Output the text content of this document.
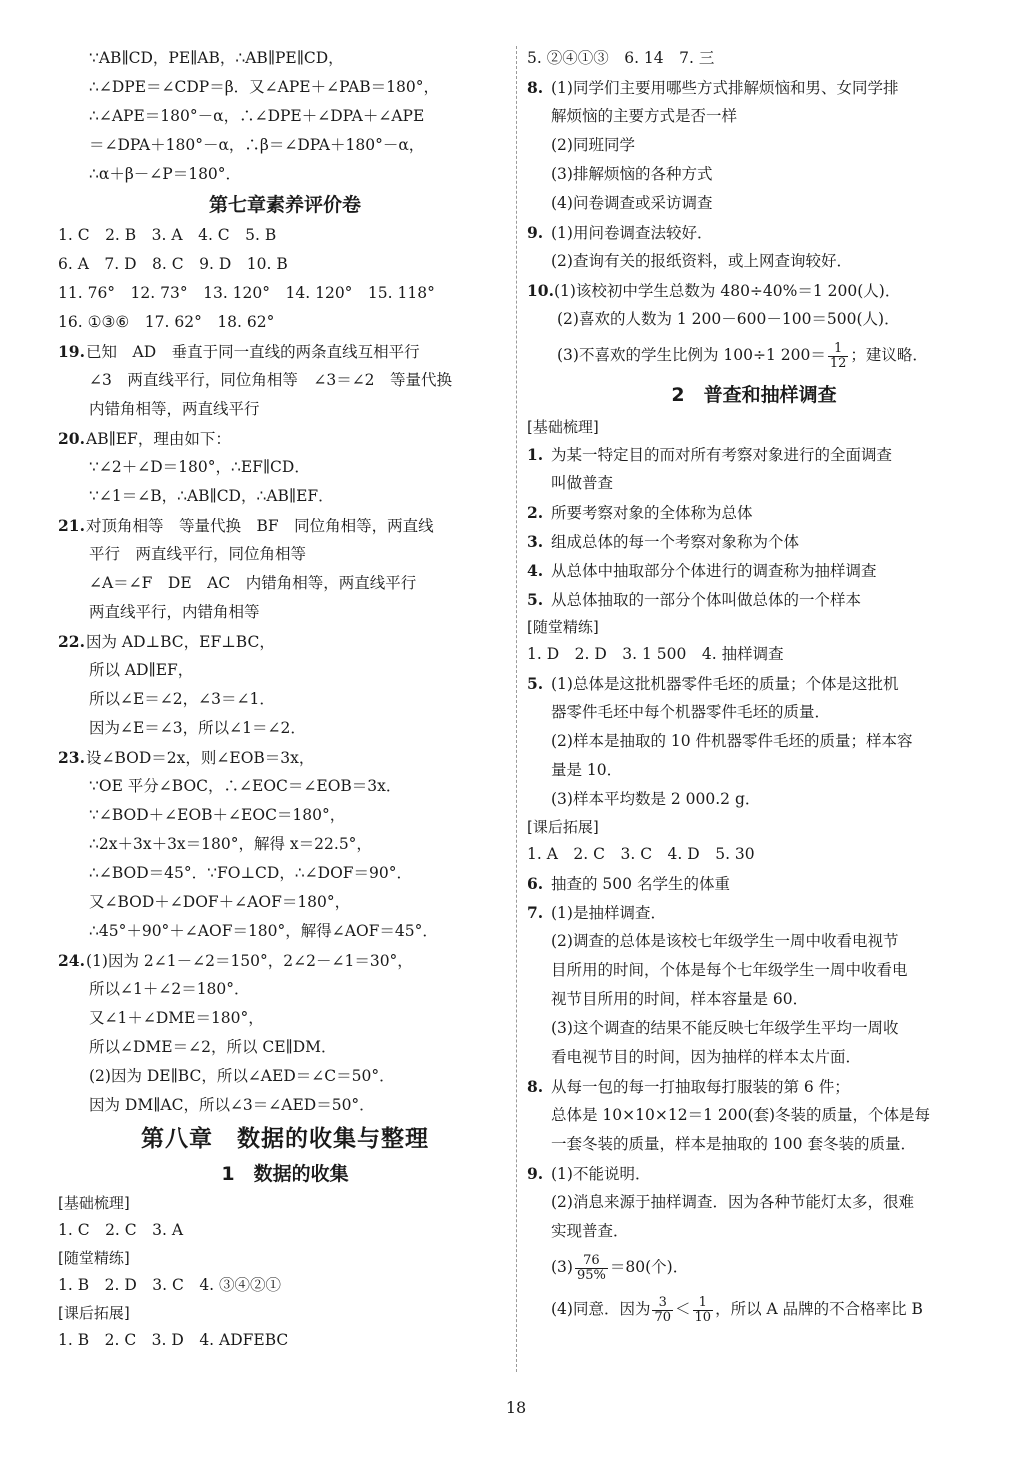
∵AB∥CD，PE∥AB，∴AB∥PE∥CD，
∴∠DPE＝∠CDP＝β．又∠APE＋∠PAB＝180°，
∴∠APE＝180°－α，∴∠DPE＋∠DPA＋∠APE
＝∠DPA＋180°－α，∴β＝∠DPA＋180°－α，
∴α＋β－∠P＝180°．
第七章素养评价卷
1. C　2. B　3. A　4. C　5. B
6. A　7. D　8. C　9. D　10. B
11. 76°　12. 73°　13. 120°　14. 120°　15. 118°
16. ①③⑥　17. 62°　18. 62°
19.已知　AD　垂直于同一直线的两条直线互相平行
∠3　两直线平行，同位角相等　∠3＝∠2　等量代换
内错角相等，两直线平行
20.AB∥EF，理由如下：
∵∠2＋∠D＝180°，∴EF∥CD．
∵∠1＝∠B，∴AB∥CD，∴AB∥EF．
21.对顶角相等　等量代换　BF　同位角相等，两直线
平行　两直线平行，同位角相等
∠A＝∠F　DE　AC　内错角相等，两直线平行
两直线平行，内错角相等
22.因为 AD⊥BC，EF⊥BC，
所以 AD∥EF，
所以∠E＝∠2，∠3＝∠1．
因为∠E＝∠3，所以∠1＝∠2．
23.设∠BOD＝2x，则∠EOB＝3x，
∵OE 平分∠BOC，∴∠EOC＝∠EOB＝3x．
∵∠BOD＋∠EOB＋∠EOC＝180°，
∴2x＋3x＋3x＝180°，解得 x＝22.5°，
∴∠BOD＝45°．∵FO⊥CD，∴∠DOF＝90°．
又∠BOD＋∠DOF＋∠AOF＝180°，
∴45°＋90°＋∠AOF＝180°，解得∠AOF＝45°．
24.(1)因为 2∠1－∠2＝150°，2∠2－∠1＝30°，
所以∠1＋∠2＝180°．
又∠1＋∠DME＝180°，
所以∠DME＝∠2，所以 CE∥DM．
(2)因为 DE∥BC，所以∠AED＝∠C＝50°．
因为 DM∥AC，所以∠3＝∠AED＝50°．
第八章　数据的收集与整理
1　数据的收集
[基础梳理]
1. C　2. C　3. A
[随堂精练]
1. B　2. D　3. C　4. ③④②①
[课后拓展]
1. B　2. C　3. D　4. ADFEBC
5. ②④①③　6. 14　7. 三
8. (1)同学们主要用哪些方式排解烦恼和男、女同学排
解烦恼的主要方式是否一样
(2)同班同学
(3)排解烦恼的各种方式
(4)问卷调查或采访调查
9. (1)用问卷调查法较好．
(2)查询有关的报纸资料，或上网查询较好．
10.(1)该校初中学生总数为 480÷40%＝1 200(人)．
(2)喜欢的人数为 1 200－600－100＝500(人)．
(3)不喜欢的学生比例为 100÷1 $200= \frac{1}{12}$ ；建议略．
2　普查和抽样调查
[基础梳理]
1. 为某一特定目的而对所有考察对象进行的全面调查
叫做普查
2. 所要考察对象的全体称为总体
3. 组成总体的每一个考察对象称为个体
4. 从总体中抽取部分个体进行的调查称为抽样调查
5. 从总体抽取的一部分个体叫做总体的一个样本
[随堂精练]
1. D　2. D　3. 1 500　4. 抽样调查
5. (1)总体是这批机器零件毛坯的质量；个体是这批机
器零件毛坯中每个机器零件毛坯的质量．
(2)样本是抽取的 10 件机器零件毛坯的质量；样本容
量是 10．
(3)样本平均数是 2 000.2 g．
[课后拓展]
1. A　2. C　3. C　4. D　5. 30
6. 抽查的 500 名学生的体重
7. (1)是抽样调查．
(2)调查的总体是该校七年级学生一周中收看电视节
目所用的时间，个体是每个七年级学生一周中收看电
视节目所用的时间，样本容量是 60．
(3)这个调查的结果不能反映七年级学生平均一周收
看电视节目的时间，因为抽样的样本太片面．
8. 从每一包的每一打抽取每打服装的第 6 件；
总体是 10×10×12＝1 200(套)冬装的质量，个体是每
一套冬装的质量，样本是抽取的 100 套冬装的质量．
9. (1)不能说明．
(2)消息来源于抽样调查．因为各种节能灯太多，很难
实现普查．
$(3) \frac{76}{95\%} =80$(个)．
(4)同意．因为 $\frac{3}{70} < \frac{1}{10}$ ，所以 A 品牌的不合格率比 B
18
